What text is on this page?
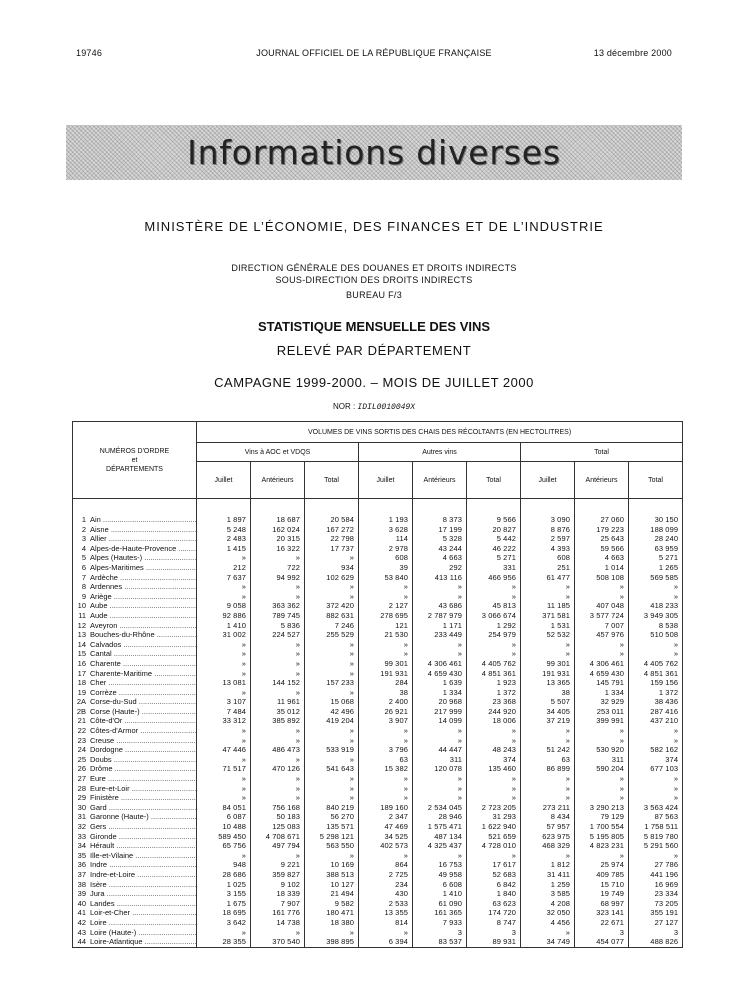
19746	JOURNAL OFFICIEL DE LA RÉPUBLIQUE FRANÇAISE	13 décembre 2000
Informations diverses
MINISTÈRE DE L’ÉCONOMIE, DES FINANCES ET DE L’INDUSTRIE
DIRECTION GÉNÉRALE DES DOUANES ET DROITS INDIRECTS
SOUS-DIRECTION DES DROITS INDIRECTS
BUREAU F/3
STATISTIQUE MENSUELLE DES VINS
RELEVÉ PAR DÉPARTEMENT
CAMPAGNE 1999-2000. – MOIS DE JUILLET 2000
NOR : IDIL0010049X
NUMÉROS D'ORDRE
et
DÉPARTEMENTS	VOLUMES DE VINS SORTIS DES CHAIS DES RÉCOLTANTS (EN HECTOLITRES)								
	Vins à AOC et VDQS			Autres vins			Total		
	Juillet	Antérieurs	Total	Juillet	Antérieurs	Total	Juillet	Antérieurs	Total

1 Ain .....	1 897	18 687	20 584	1 193	8 373	9 566	3 090	27 060	30 150
2 Aisne .....	5 248	162 024	167 272	3 628	17 199	20 827	8 876	179 223	188 099
3 Allier .....	2 483	20 315	22 798	114	5 328	5 442	2 597	25 643	28 240
4 Alpes-de-Haute-Provence .....	1 415	16 322	17 737	2 978	43 244	46 222	4 393	59 566	63 959
5 Alpes (Hautes-) .....	»	»	»	608	4 663	5 271	608	4 663	5 271
6 Alpes-Maritimes .....	212	722	934	39	292	331	251	1 014	1 265
7 Ardèche .....	7 637	94 992	102 629	53 840	413 116	466 956	61 477	508 108	569 585
8 Ardennes .....	»	»	»	»	»	»	»	»	»
9 Ariège .....	»	»	»	»	»	»	»	»	»
10 Aube .....	9 058	363 362	372 420	2 127	43 686	45 813	11 185	407 048	418 233
11 Aude .....	92 886	789 745	882 631	278 695	2 787 979	3 066 674	371 581	3 577 724	3 949 305
12 Aveyron .....	1 410	5 836	7 246	121	1 171	1 292	1 531	7 007	8 538
13 Bouches-du-Rhône .....	31 002	224 527	255 529	21 530	233 449	254 979	52 532	457 976	510 508
14 Calvados .....	»	»	»	»	»	»	»	»	»
15 Cantal .....	»	»	»	»	»	»	»	»	»
16 Charente .....	»	»	»	99 301	4 306 461	4 405 762	99 301	4 306 461	4 405 762
17 Charente-Maritime .....	»	»	»	191 931	4 659 430	4 851 361	191 931	4 659 430	4 851 361
18 Cher .....	13 081	144 152	157 233	284	1 639	1 923	13 365	145 791	159 156
19 Corrèze .....	»	»	»	38	1 334	1 372	38	1 334	1 372
2A Corse-du-Sud .....	3 107	11 961	15 068	2 400	20 968	23 368	5 507	32 929	38 436
2B Corse (Haute-) .....	7 484	35 012	42 496	26 921	217 999	244 920	34 405	253 011	287 416
21 Côte-d'Or .....	33 312	385 892	419 204	3 907	14 099	18 006	37 219	399 991	437 210
22 Côtes-d'Armor .....	»	»	»	»	»	»	»	»	»
23 Creuse .....	»	»	»	»	»	»	»	»	»
24 Dordogne .....	47 446	486 473	533 919	3 796	44 447	48 243	51 242	530 920	582 162
25 Doubs .....	»	»	»	63	311	374	63	311	374
26 Drôme .....	71 517	470 126	541 643	15 382	120 078	135 460	86 899	590 204	677 103
27 Eure .....	»	»	»	»	»	»	»	»	»
28 Eure-et-Loir .....	»	»	»	»	»	»	»	»	»
29 Finistère .....	»	»	»	»	»	»	»	»	»
30 Gard .....	84 051	756 168	840 219	189 160	2 534 045	2 723 205	273 211	3 290 213	3 563 424
31 Garonne (Haute-) .....	6 087	50 183	56 270	2 347	28 946	31 293	8 434	79 129	87 563
32 Gers .....	10 488	125 083	135 571	47 469	1 575 471	1 622 940	57 957	1 700 554	1 758 511
33 Gironde .....	589 450	4 708 671	5 298 121	34 525	487 134	521 659	623 975	5 195 805	5 819 780
34 Hérault .....	65 756	497 794	563 550	402 573	4 325 437	4 728 010	468 329	4 823 231	5 291 560
35 Ille-et-Vilaine .....	»	»	»	»	»	»	»	»	»
36 Indre .....	948	9 221	10 169	864	16 753	17 617	1 812	25 974	27 786
37 Indre-et-Loire .....	28 686	359 827	388 513	2 725	49 958	52 683	31 411	409 785	441 196
38 Isère .....	1 025	9 102	10 127	234	6 608	6 842	1 259	15 710	16 969
39 Jura .....	3 155	18 339	21 494	430	1 410	1 840	3 585	19 749	23 334
40 Landes .....	1 675	7 907	9 582	2 533	61 090	63 623	4 208	68 997	73 205
41 Loir-et-Cher .....	18 695	161 776	180 471	13 355	161 365	174 720	32 050	323 141	355 191
42 Loire .....	3 642	14 738	18 380	814	7 933	8 747	4 456	22 671	27 127
43 Loire (Haute-) .....	»	»	»	»	3	3	»	3	3
44 Loire-Atlantique .....	28 355	370 540	398 895	6 394	83 537	89 931	34 749	454 077	488 826
